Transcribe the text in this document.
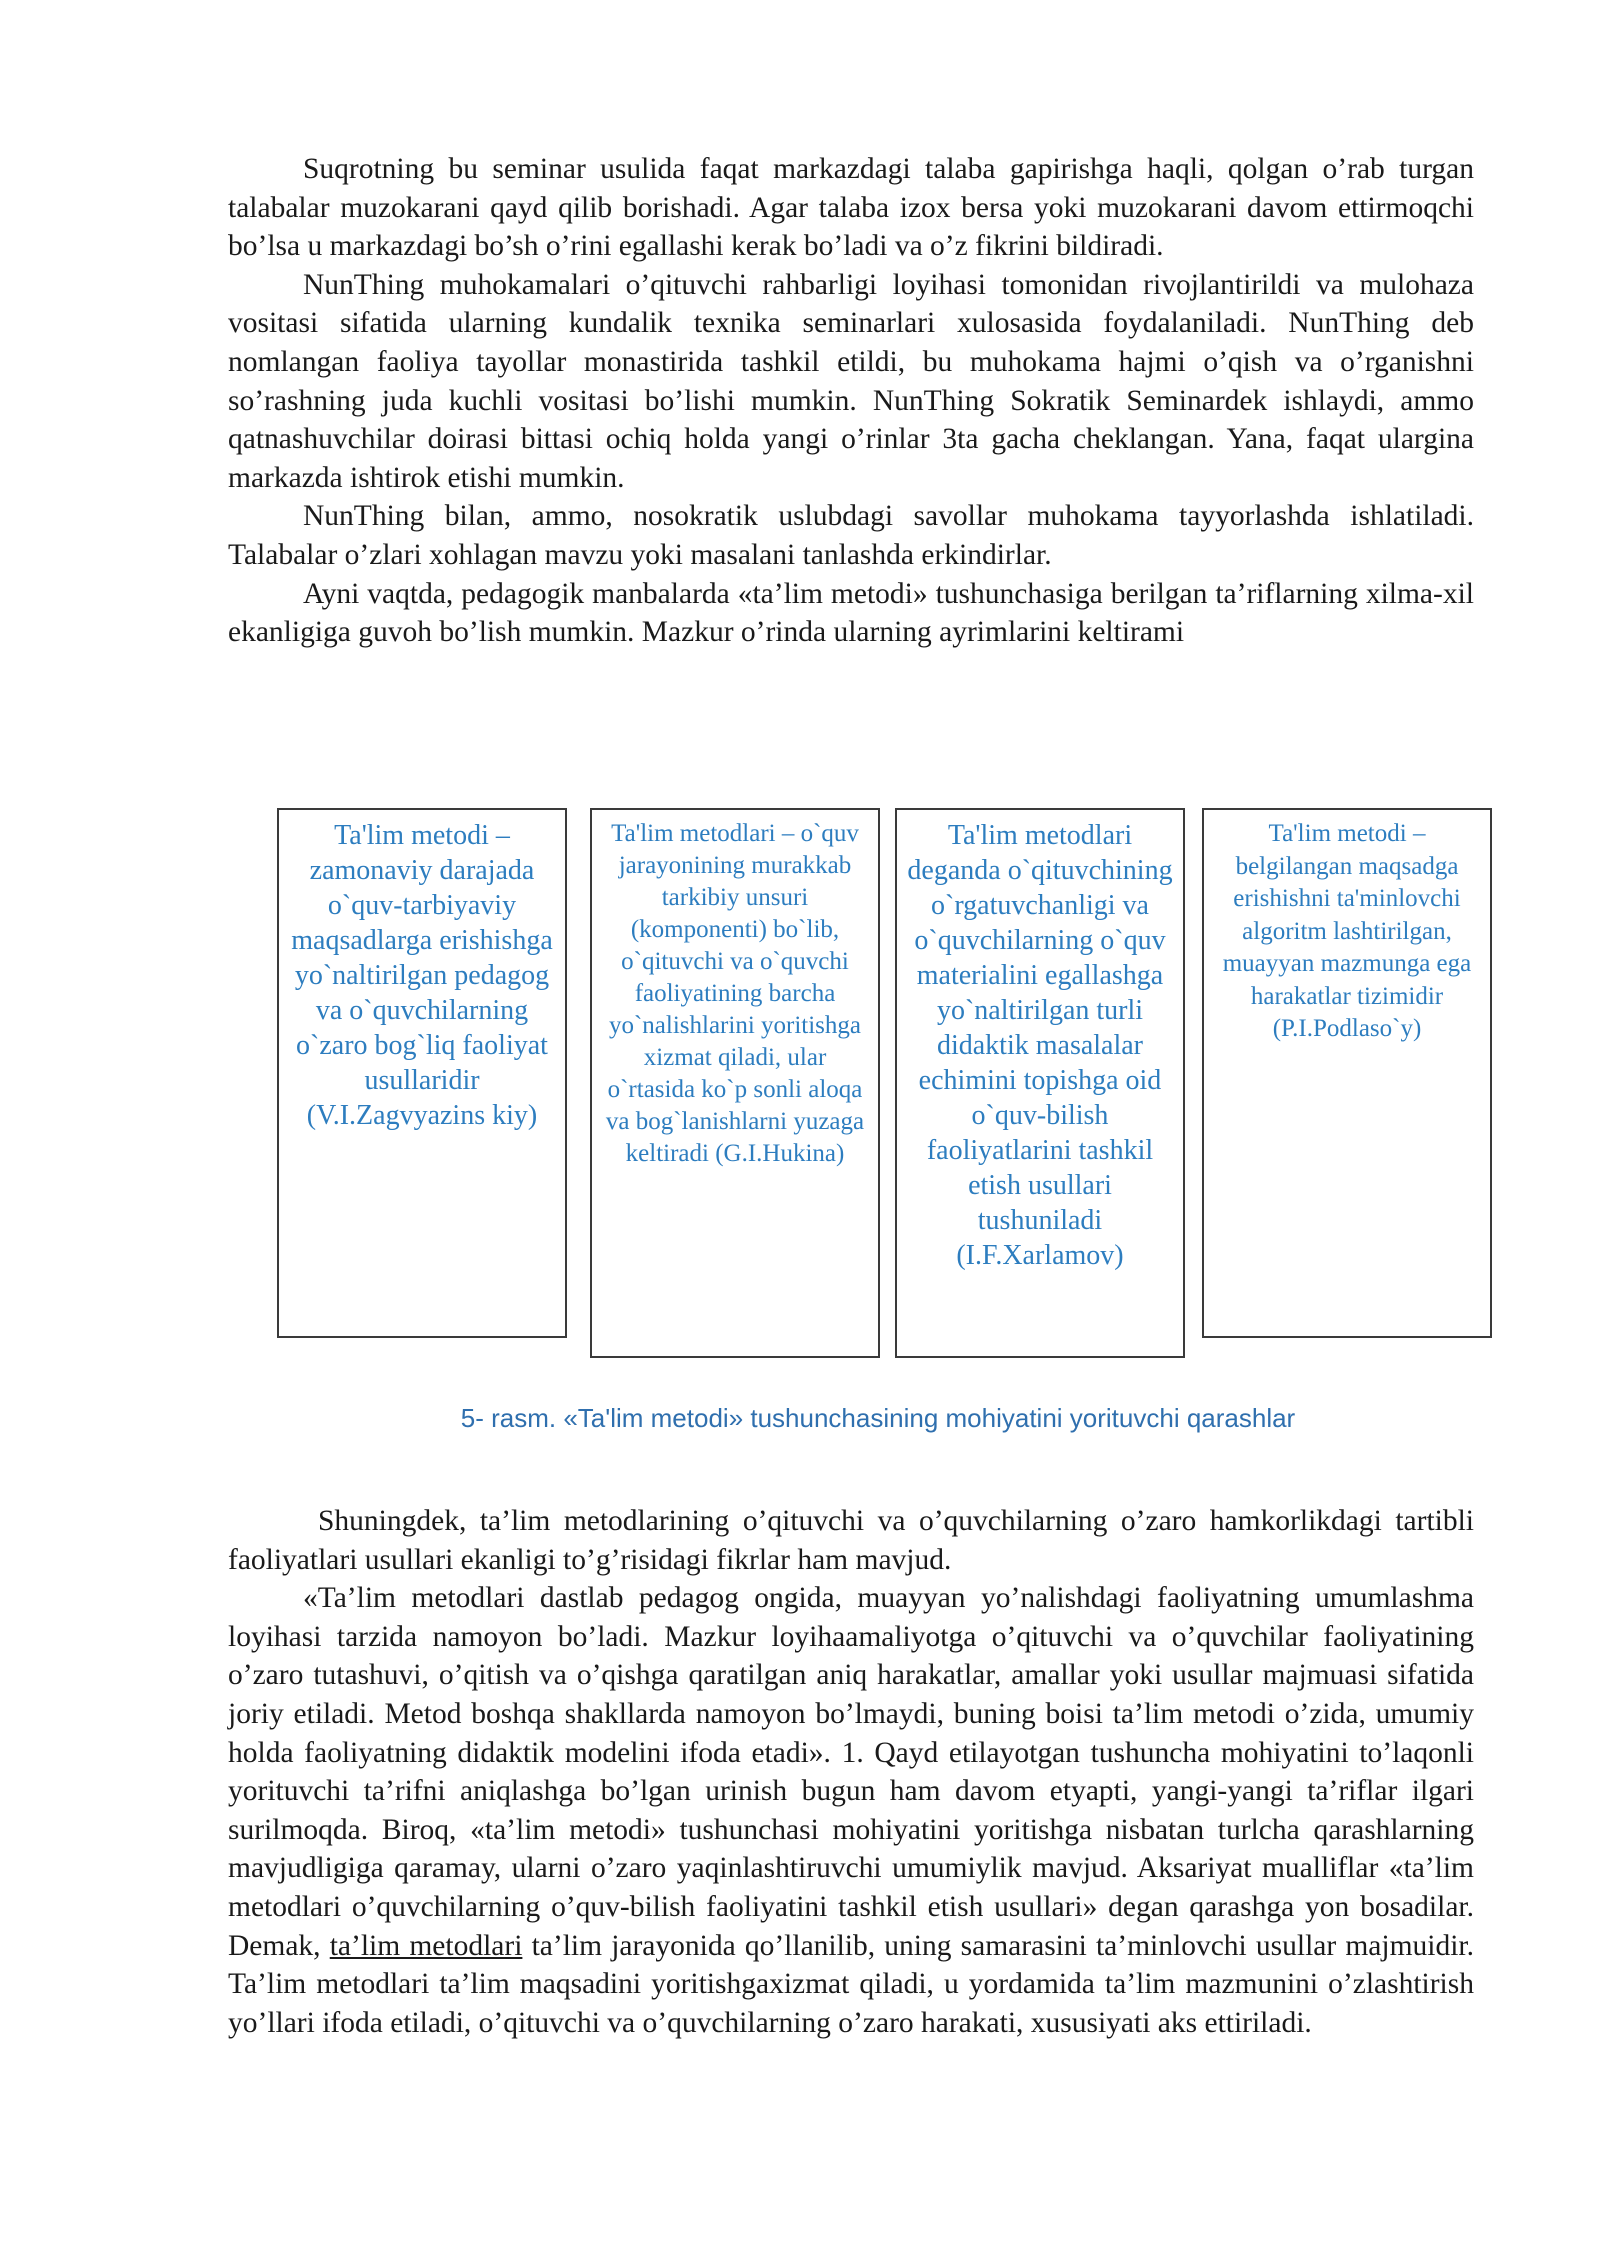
Suqrotning bu seminar usulida faqat markazdagi talaba gapirishga haqli, qolgan o’rab turgan talabalar muzokarani qayd qilib borishadi. Agar talaba izox bersa yoki muzokarani davom ettirmoqchi bo’lsa u markazdagi bo’sh o’rini egallashi kerak bo’ladi va o’z fikrini bildiradi.

NunThing muhokamalari o’qituvchi rahbarligi loyihasi tomonidan rivojlantirildi va mulohaza vositasi sifatida ularning kundalik texnika seminarlari xulosasida foydalaniladi. NunThing deb nomlangan faoliya tayollar monastirida tashkil etildi, bu muhokama hajmi o’qish va o’rganishni so’rashning juda kuchli vositasi bo’lishi mumkin. NunThing Sokratik Seminardek ishlaydi, ammo qatnashuvchilar doirasi bittasi ochiq holda yangi o’rinlar 3ta gacha cheklangan. Yana, faqat ulargina markazda ishtirok etishi mumkin.

NunThing bilan, ammo, nosokratik uslubdagi savollar muhokama tayyorlashda ishlatiladi. Talabalar o’zlari xohlagan mavzu yoki masalani tanlashda erkindirlar.

Ayni vaqtda, pedagogik manbalarda «ta’lim metodi» tushunchasiga berilgan ta’riflarning xilma-xil ekanligiga guvoh bo’lish mumkin. Mazkur o’rinda ularning ayrimlarini keltirami

Ta'lim metodi – zamonaviy darajada o`quv-tarbiyaviy maqsadlarga erishishga yo`naltirilgan pedagog va o`quvchilarning o`zaro bog`liq faoliyat usullaridir (V.I.Zagvyazins kiy)
Ta'lim metodlari – o`quv jarayonining murakkab tarkibiy unsuri (komponenti) bo`lib, o`qituvchi va o`quvchi faoliyatining barcha yo`nalishlarini yoritishga xizmat qiladi, ular o`rtasida ko`p sonli aloqa va bog`lanishlarni yuzaga keltiradi (G.I.Hukina)
Ta'lim metodlari deganda o`qituvchining o`rgatuvchanligi va o`quvchilarning o`quv materialini egallashga yo`naltirilgan turli didaktik masalalar echimini topishga oid o`quv-bilish faoliyatlarini tashkil etish usullari tushuniladi (I.F.Xarlamov)
Ta'lim metodi – belgilangan maqsadga erishishni ta'minlovchi algoritm lashtirilgan, muayyan mazmunga ega harakatlar tizimidir (P.I.Podlaso`y)
5- rasm. «Ta'lim metodi» tushunchasining mohiyatini yorituvchi qarashlar

Shuningdek, ta’lim metodlarining o’qituvchi va o’quvchilarning o’zaro hamkorlikdagi tartibli faoliyatlari usullari ekanligi to’g’risidagi fikrlar ham mavjud.

«Ta’lim metodlari dastlab pedagog ongida, muayyan yo’nalishdagi faoliyatning umumlashma loyihasi tarzida namoyon bo’ladi. Mazkur loyihaamaliyotga o’qituvchi va o’quvchilar faoliyatining o’zaro tutashuvi, o’qitish va o’qishga qaratilgan aniq harakatlar, amallar yoki usullar majmuasi sifatida joriy etiladi. Metod boshqa shakllarda namoyon bo’lmaydi, buning boisi ta’lim metodi o’zida, umumiy holda faoliyatning didaktik modelini ifoda etadi». 1. Qayd etilayotgan tushuncha mohiyatini to’laqonli yorituvchi ta’rifni aniqlashga bo’lgan urinish bugun ham davom etyapti, yangi-yangi ta’riflar ilgari surilmoqda. Biroq, «ta’lim metodi» tushunchasi mohiyatini yoritishga nisbatan turlcha qarashlarning mavjudligiga qaramay, ularni o’zaro yaqinlashtiruvchi umumiylik mavjud. Aksariyat mualliflar «ta’lim metodlari o’quvchilarning o’quv-bilish faoliyatini tashkil etish usullari» degan qarashga yon bosadilar. Demak, ta’lim metodlari ta’lim jarayonida qo’llanilib, uning samarasini ta’minlovchi usullar majmuidir. Ta’lim metodlari ta’lim maqsadini yoritishgaxizmat qiladi, u yordamida ta’lim mazmunini o’zlashtirish yo’llari ifoda etiladi, o’qituvchi va o’quvchilarning o’zaro harakati, xususiyati aks ettiriladi.
